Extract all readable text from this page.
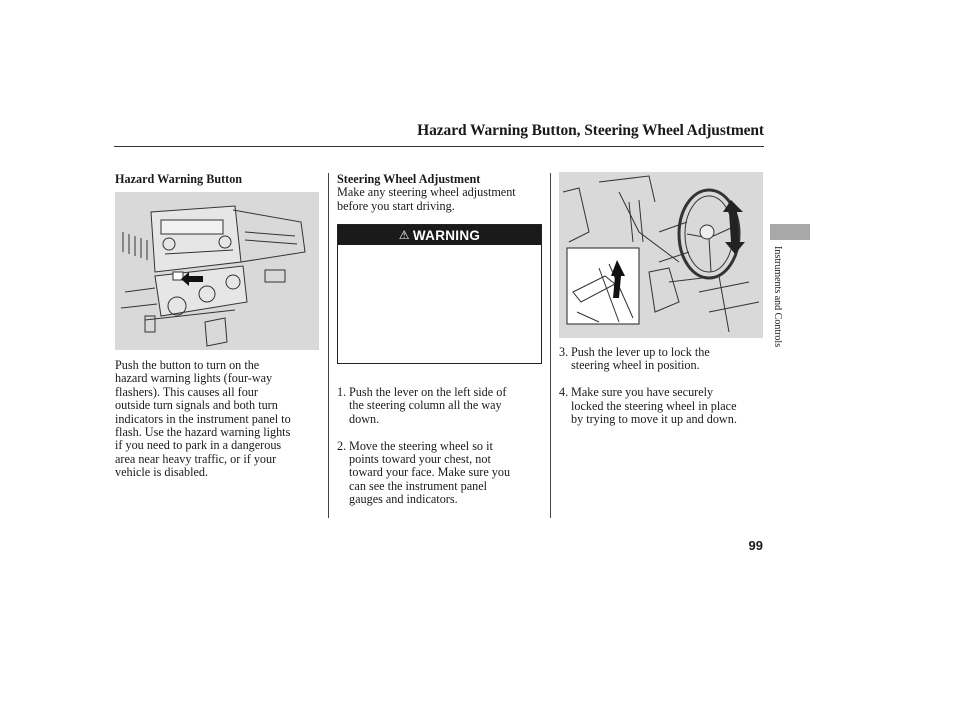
Hazard Warning Button, Steering Wheel Adjustment
Hazard Warning Button

Push the button to turn on the

hazard warning lights (four-way

flashers). This causes all four

outside turn signals and both turn

indicators in the instrument panel to

flash. Use the hazard warning lights

if you need to park in a dangerous

area near heavy traffic, or if your

vehicle is disabled.

Steering Wheel Adjustment

Make any steering wheel adjustment

before you start driving.

⚠ WARNING
1. Push the lever on the left side of

the steering column all the way

down.

2. Move the steering wheel so it

points toward your chest, not

toward your face. Make sure you

can see the instrument panel

gauges and indicators.

3. Push the lever up to lock the

steering wheel in position.

4. Make sure you have securely

locked the steering wheel in place

by trying to move it up and down.

Instruments and Controls
99
